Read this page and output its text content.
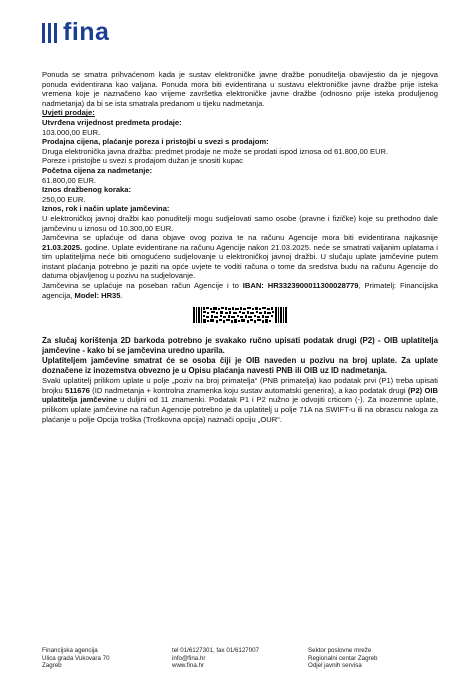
fina

Ponuda se smatra prihvaćenom kada je sustav elektroničke javne dražbe ponuditelja obavijestio da je njegova ponuda evidentirana kao valjana. Ponuda mora biti evidentirana u sustavu elektroničke javne dražbe prije isteka vremena koje je naznačeno kao vrijeme završetka elektroničke javne dražbe (odnosno prije isteka produljenog nadmetanja) da bi se ista smatrala predanom u tijeku nadmetanja.

Uvjeti prodaje:

Utvrđena vrijednost predmeta prodaje:

103.000,00 EUR.

Prodajna cijena, plaćanje poreza i pristojbi u svezi s prodajom:

Druga elektronička javna dražba: predmet prodaje ne može se prodati ispod iznosa od 61.800,00 EUR.

Poreze i pristojbe u svezi s prodajom dužan je snositi kupac

Početna cijena za nadmetanje:

61.800,00 EUR.

Iznos dražbenog koraka:

250,00 EUR.

Iznos, rok i način uplate jamčevina:

U elektroničkoj javnoj dražbi kao ponuditelji mogu sudjelovati samo osobe (pravne i fizičke) koje su prethodno dale jamčevinu u iznosu od 10.300,00 EUR.

Jamčevina se uplaćuje od dana objave ovog poziva te na računu Agencije mora biti evidentirana najkasnije 21.03.2025. godine. Uplate evidentirane na računu Agencije nakon 21.03.2025. neće se smatrati valjanim uplatama i tim uplatiteljima neće biti omogućeno sudjelovanje u elektroničkoj javnoj dražbi. U slučaju uplate jamčevine putem instant plaćanja potrebno je paziti na opće uvjete te voditi računa o tome da sredstva budu na računu Agencije do datuma objavljenog u pozivu na sudjelovanje.

Jamčevina se uplaćuje na poseban račun Agencije i to IBAN: HR3323900011300028779, Primatelj: Financijska agencija, Model: HR35.

Za slučaj korištenja 2D barkoda potrebno je svakako ručno upisati podatak drugi (P2) - OIB uplatitelja jamčevine - kako bi se jamčevina uredno uparila.

Uplatiteljem jamčevine smatrat će se osoba čiji je OIB naveden u pozivu na broj uplate. Za uplate doznačene iz inozemstva obvezno je u Opisu plaćanja navesti PNB ili OIB uz ID nadmetanja.

Svaki uplatitelj prilikom uplate u polje „poziv na broj primatelja“ (PNB primatelja) kao podatak prvi (P1) treba upisati brojku 511676 (ID nadmetanja + kontrolna znamenka koju sustav automatski generira), a kao podatak drugi (P2) OIB uplatitelja jamčevine u duljini od 11 znamenki. Podatak P1 i P2 nužno je odvojiti crticom (-). Za inozemne uplate, prilikom uplate jamčevine na račun Agencije potrebno je da uplatitelj u polje 71A na SWIFT-u ili na obrascu naloga za plaćanje u polje Opcija troška (Troškovna opcija) naznači opciju „OUR“.

Financijska agencija
Ulica grada Vukovara 70
Zagreb
tel 01/6127301, fax 01/6127007
info@fina.hr
www.fina.hr
Sektor poslovne mreže
Regionalni centar Zagreb
Odjel javnih servisa
